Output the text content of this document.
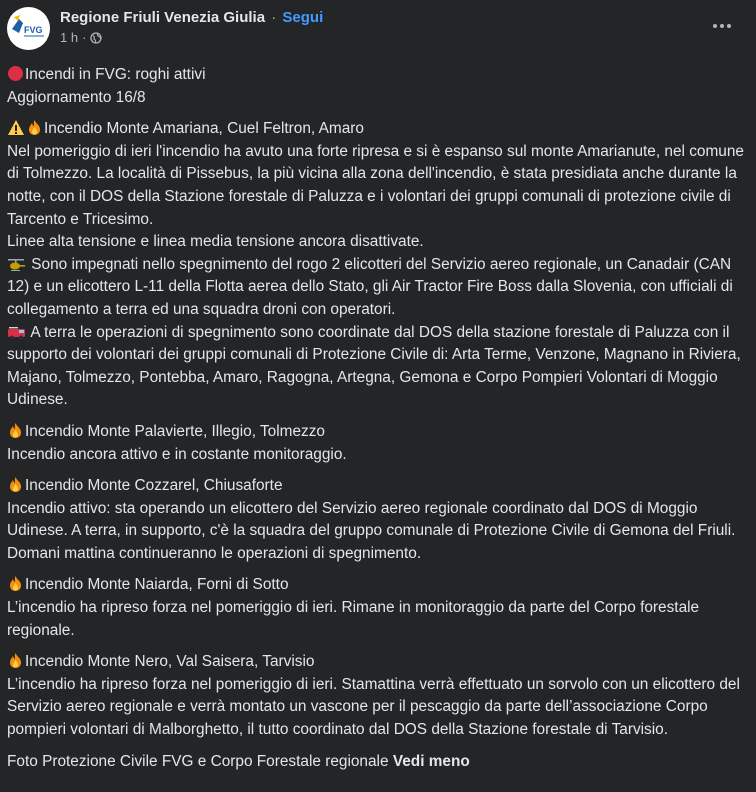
FVG
Regione Friuli Venezia Giulia · Segui
1 h ·

Incendi in FVG: roghi attivi

Aggiornamento 16/8

Incendio Monte Amariana, Cuel Feltron, Amaro

Nel pomeriggio di ieri l'incendio ha avuto una forte ripresa e si è espanso sul monte Amarianute, nel comune di Tolmezzo. La località di Pissebus, la più vicina alla zona dell'incendio, è stata presidiata anche durante la notte, con il DOS della Stazione forestale di Paluzza e i volontari dei gruppi comunali di protezione civile di Tarcento e Tricesimo.

Linee alta tensione e linea media tensione ancora disattivate.

Sono impegnati nello spegnimento del rogo 2 elicotteri del Servizio aereo regionale, un Canadair (CAN 12) e un elicottero L-11 della Flotta aerea dello Stato, gli Air Tractor Fire Boss dalla Slovenia, con ufficiali di collegamento a terra ed una squadra droni con operatori.

A terra le operazioni di spegnimento sono coordinate dal DOS della stazione forestale di Paluzza con il supporto dei volontari dei gruppi comunali di Protezione Civile di: Arta Terme, Venzone, Magnano in Riviera, Majano, Tolmezzo, Pontebba, Amaro, Ragogna, Artegna, Gemona e Corpo Pompieri Volontari di Moggio Udinese.

Incendio Monte Palavierte, Illegio, Tolmezzo

Incendio ancora attivo e in costante monitoraggio.

Incendio Monte Cozzarel, Chiusaforte

Incendio attivo: sta operando un elicottero del Servizio aereo regionale coordinato dal DOS di Moggio Udinese. A terra, in supporto, c'è la squadra del gruppo comunale di Protezione Civile di Gemona del Friuli. Domani mattina continueranno le operazioni di spegnimento.

Incendio Monte Naiarda, Forni di Sotto

L’incendio ha ripreso forza nel pomeriggio di ieri. Rimane in monitoraggio da parte del Corpo forestale regionale.

Incendio Monte Nero, Val Saisera, Tarvisio

L’incendio ha ripreso forza nel pomeriggio di ieri. Stamattina verrà effettuato un sorvolo con un elicottero del Servizio aereo regionale e verrà montato un vascone per il pescaggio da parte dell’associazione Corpo pompieri volontari di Malborghetto, il tutto coordinato dal DOS della Stazione forestale di Tarvisio.

Foto Protezione Civile FVG e Corpo Forestale regionale Vedi meno
